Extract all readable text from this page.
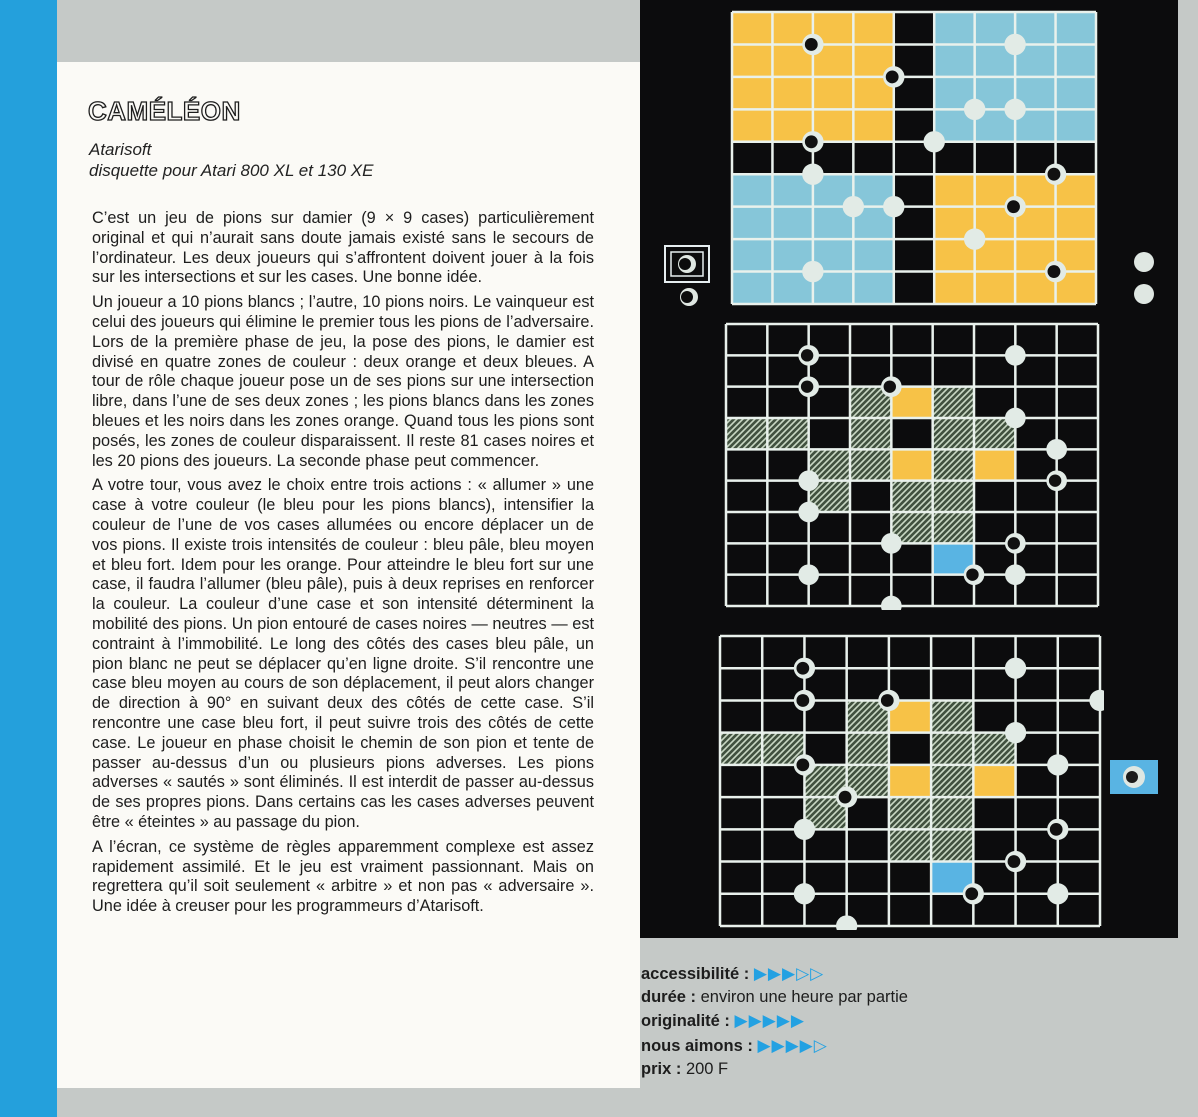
CAMÉLÉON
Atarisoft
disquette pour Atari 800 XL et 130 XE

C’est un jeu de pions sur damier (9 × 9 cases) particulièrement original et qui n’aurait sans doute jamais existé sans le secours de l’ordinateur. Les deux joueurs qui s’affrontent doivent jouer à la fois sur les intersections et sur les cases. Une bonne idée.

Un joueur a 10 pions blancs ; l’autre, 10 pions noirs. Le vainqueur est celui des joueurs qui élimine le premier tous les pions de l’adversaire. Lors de la première phase de jeu, la pose des pions, le damier est divisé en quatre zones de couleur : deux orange et deux bleues. A tour de rôle chaque joueur pose un de ses pions sur une intersection libre, dans l’une de ses deux zones ; les pions blancs dans les zones bleues et les noirs dans les zones orange. Quand tous les pions sont posés, les zones de couleur disparaissent. Il reste 81 cases noires et les 20 pions des joueurs. La seconde phase peut commencer.

A votre tour, vous avez le choix entre trois actions : « allumer » une case à votre couleur (le bleu pour les pions blancs), intensifier la couleur de l’une de vos cases allumées ou encore déplacer un de vos pions. Il existe trois intensités de couleur : bleu pâle, bleu moyen et bleu fort. Idem pour les orange. Pour atteindre le bleu fort sur une case, il faudra l’allumer (bleu pâle), puis à deux reprises en renforcer la couleur. La couleur d’une case et son intensité déterminent la mobilité des pions. Un pion entouré de cases noires — neutres — est contraint à l’immobilité. Le long des côtés des cases bleu pâle, un pion blanc ne peut se déplacer qu’en ligne droite. S’il rencontre une case bleu moyen au cours de son déplacement, il peut alors changer de direction à 90° en suivant deux des côtés de cette case. S’il rencontre une case bleu fort, il peut suivre trois des côtés de cette case. Le joueur en phase choisit le chemin de son pion et tente de passer au-dessus d’un ou plusieurs pions adverses. Les pions adverses « sautés » sont éliminés. Il est interdit de passer au-dessus de ses propres pions. Dans certains cas les cases adverses peuvent être « éteintes » au passage du pion.

A l’écran, ce système de règles apparemment complexe est assez rapidement assimilé. Et le jeu est vraiment passionnant. Mais on regrettera qu’il soit seulement « arbitre » et non pas « adversaire ». Une idée à creuser pour les programmeurs d’Atarisoft.

accessibilité : ▶▶▶▷▷
durée : environ une heure par partie
originalité : ▶▶▶▶▶
nous aimons : ▶▶▶▶▷
prix : 200 F
